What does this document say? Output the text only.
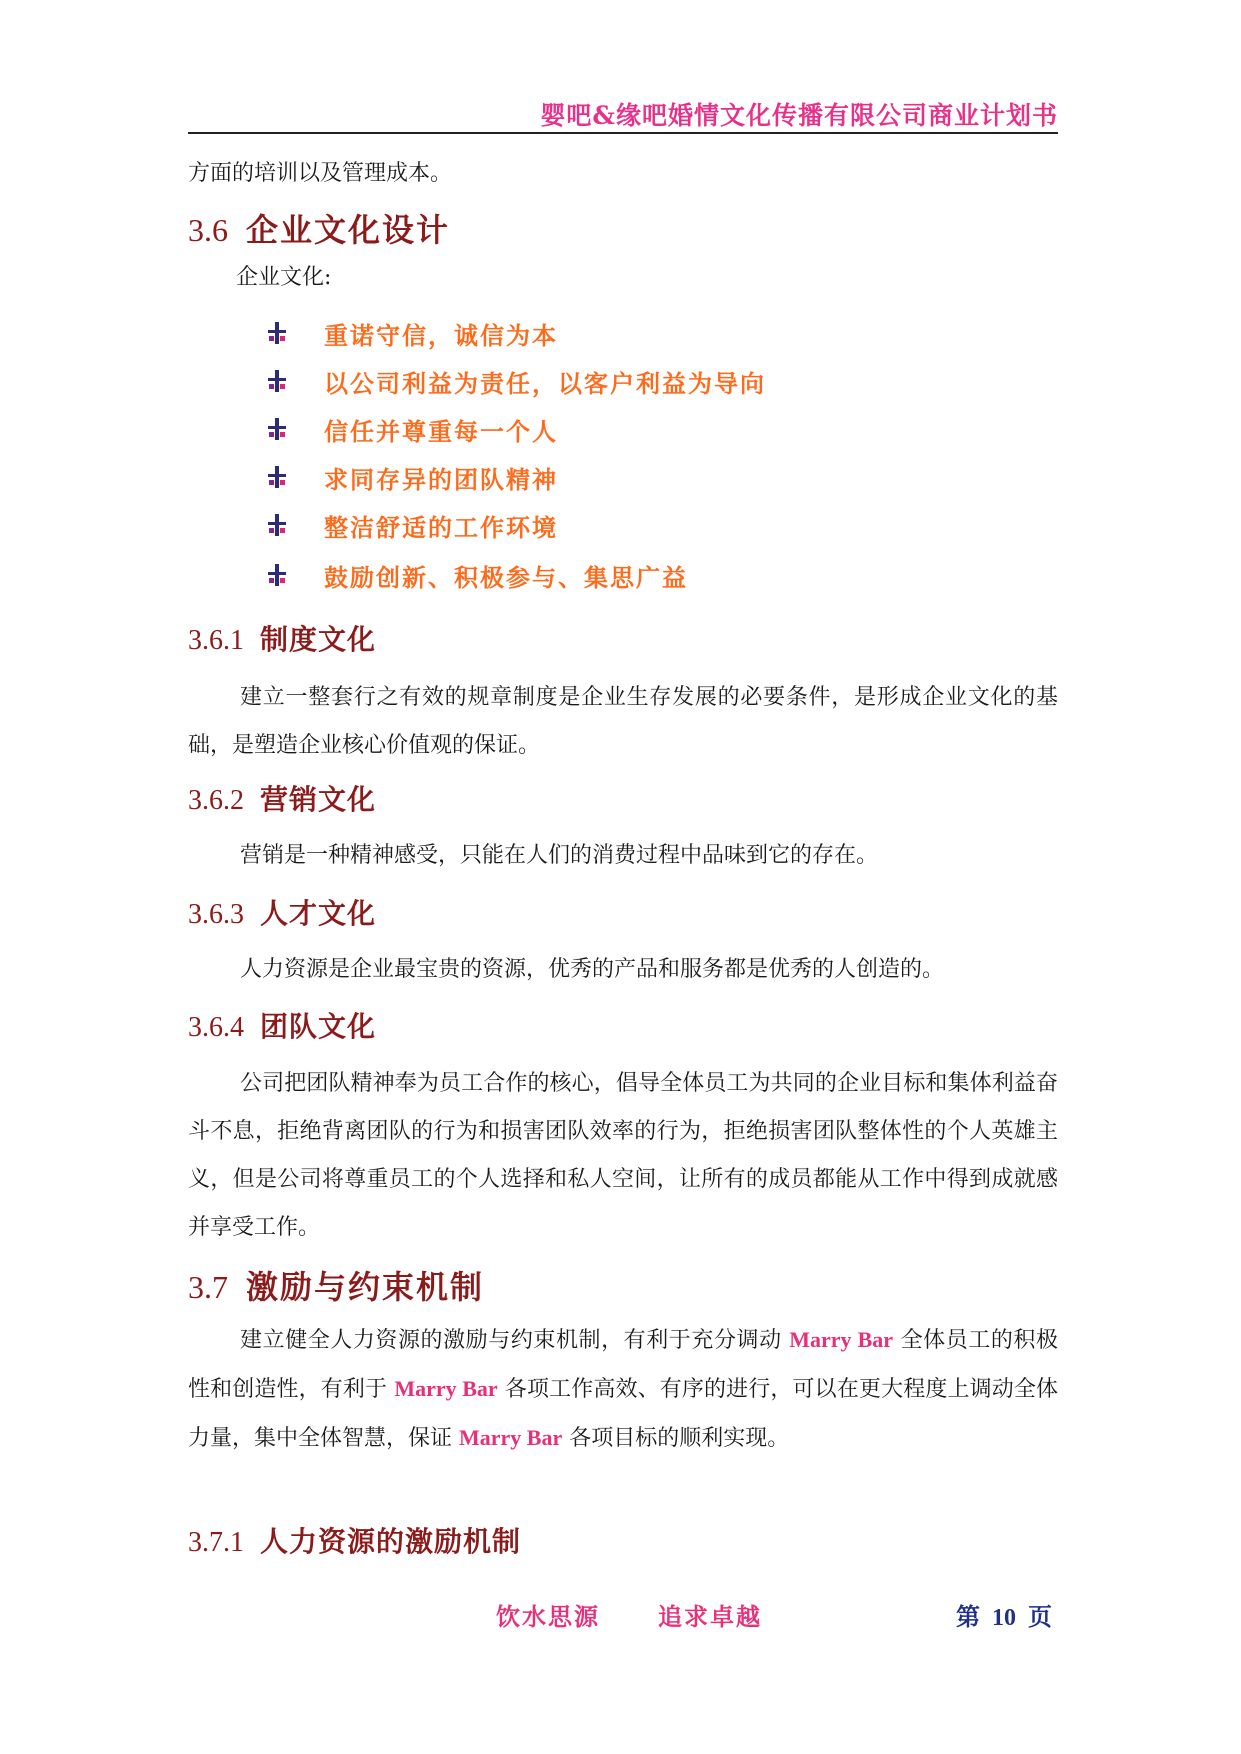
婴吧&缘吧婚情文化传播有限公司商业计划书
方面的培训以及管理成本。
3.6 企业文化设计
企业文化:
重诺守信，诚信为本
以公司利益为责任，以客户利益为导向
信任并尊重每一个人
求同存异的团队精神
整洁舒适的工作环境
鼓励创新、积极参与、集思广益
3.6.1 制度文化
建立一整套行之有效的规章制度是企业生存发展的必要条件，是形成企业文化的基础，是塑造企业核心价值观的保证。
3.6.2 营销文化
营销是一种精神感受，只能在人们的消费过程中品味到它的存在。
3.6.3 人才文化
人力资源是企业最宝贵的资源，优秀的产品和服务都是优秀的人创造的。
3.6.4 团队文化
公司把团队精神奉为员工合作的核心，倡导全体员工为共同的企业目标和集体利益奋斗不息，拒绝背离团队的行为和损害团队效率的行为，拒绝损害团队整体性的个人英雄主义，但是公司将尊重员工的个人选择和私人空间，让所有的成员都能从工作中得到成就感并享受工作。
3.7 激励与约束机制
建立健全人力资源的激励与约束机制，有利于充分调动 Marry Bar 全体员工的积极性和创造性，有利于 Marry Bar 各项工作高效、有序的进行，可以在更大程度上调动全体力量，集中全体智慧，保证 Marry Bar 各项目标的顺利实现。
3.7.1 人力资源的激励机制
饮水思源 追求卓越	第 10 页
